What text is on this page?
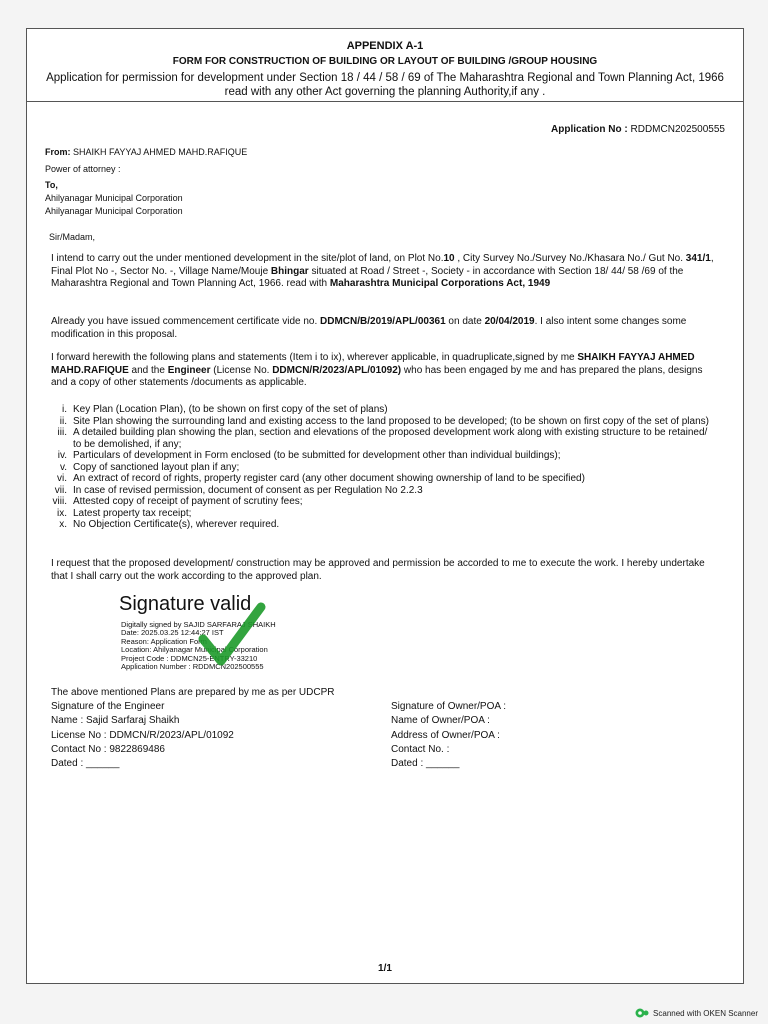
APPENDIX A-1
FORM FOR CONSTRUCTION OF BUILDING OR LAYOUT OF BUILDING /GROUP HOUSING
Application for permission for development under Section 18 / 44 / 58 / 69 of The Maharashtra Regional and Town Planning Act, 1966 read with any other Act governing the planning Authority,if any .
Application No : RDDMCN202500555
From: SHAIKH FAYYAJ AHMED MAHD.RAFIQUE
Power of attorney :
To,
Ahilyanagar Municipal Corporation
Ahilyanagar Municipal Corporation
Sir/Madam,
I intend to carry out the under mentioned development in the site/plot of land, on Plot No.10 , City Survey No./Survey No./Khasara No./ Gut No. 341/1, Final Plot No -, Sector No. -, Village Name/Mouje Bhingar situated at Road / Street -, Society - in accordance with Section 18/ 44/ 58 /69 of the Maharashtra Regional and Town Planning Act, 1966. read with Maharashtra Municipal Corporations Act, 1949
Already you have issued commencement certificate vide no. DDMCN/B/2019/APL/00361 on date 20/04/2019. I also intent some changes some modification in this proposal.
I forward herewith the following plans and statements (Item i to ix), wherever applicable, in quadruplicate,signed by me SHAIKH FAYYAJ AHMED MAHD.RAFIQUE and the Engineer (License No. DDMCN/R/2023/APL/01092) who has been engaged by me and has prepared the plans, designs and a copy of other statements /documents as applicable.
i. Key Plan (Location Plan), (to be shown on first copy of the set of plans)
ii. Site Plan showing the surrounding land and existing access to the land proposed to be developed; (to be shown on first copy of the set of plans)
iii. A detailed building plan showing the plan, section and elevations of the proposed development work along with existing structure to be retained/ to be demolished, if any;
iv. Particulars of development in Form enclosed (to be submitted for development other than individual buildings);
v. Copy of sanctioned layout plan if any;
vi. An extract of record of rights, property register card (any other document showing ownership of land to be specified)
vii. In case of revised permission, document of consent as per Regulation No 2.2.3
viii. Attested copy of receipt of payment of scrutiny fees;
ix. Latest property tax receipt;
x. No Objection Certificate(s), wherever required.
I request that the proposed development/ construction may be approved and permission be accorded to me to execute the work. I hereby undertake that I shall carry out the work according to the approved plan.
Signature valid
Digitally signed by SAJID SARFARAJ SHAIKH
Date: 2025.03.25 12:44:27 IST
Reason: Application Form
Location: Ahilyanagar Municipal Corporation
Project Code : DDMCN25-ENTRY-33210
Application Number : RDDMCN202500555
The above mentioned Plans are prepared by me as per UDCPR
Signature of the Engineer
Name : Sajid Sarfaraj Shaikh
License No : DDMCN/R/2023/APL/01092
Contact No : 9822869486
Dated : ______
Signature of Owner/POA :
Name of Owner/POA :
Address of Owner/POA :
Contact No. :
Dated : ______
1/1
Scanned with OKEN Scanner
